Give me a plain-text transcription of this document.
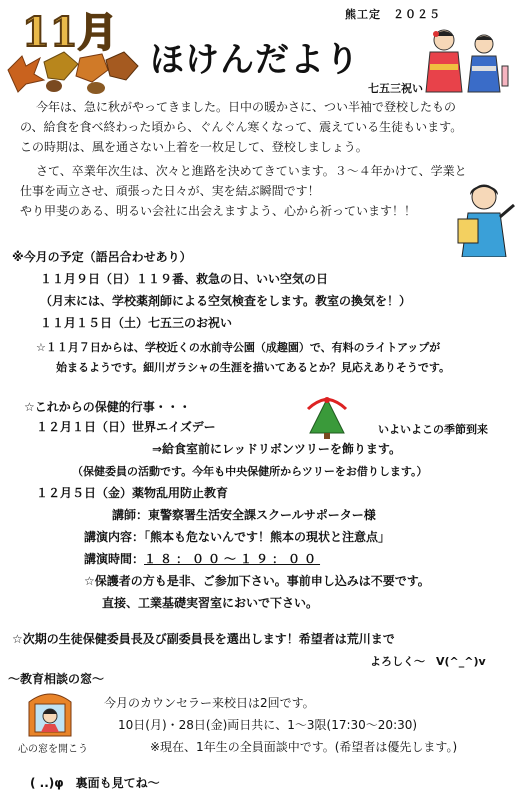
熊工定　２０２５
11月
ほけんだより
七五三祝い
今年は、急に秋がやってきました。日中の暖かさに、つい半袖で登校したもの
の、給食を食べ終わった頃から、ぐんぐん寒くなって、震えている生徒もいます。
この時期は、風を通さない上着を一枚足して、登校しましょう。
さて、卒業年次生は、次々と進路を決めてきています。３～４年かけて、学業と
仕事を両立させ、頑張った日々が、実を結ぶ瞬間です！
やり甲斐のある、明るい会社に出会えますよう、心から祈っています！！
※今月の予定（語呂合わせあり）
１１月９日（日）１１９番、救急の日、いい空気の日
（月末には、学校薬剤師による空気検査をします。教室の換気を！）
１１月１５日（土）七五三のお祝い
☆１１月７日からは、学校近くの水前寺公園（成趣園）で、有料のライトアップが
始まるようです。細川ガラシャの生涯を描いてあるとか？見応えありそうです。
☆これからの保健的行事・・・
１２月１日（日）世界エイズデー	いよいよこの季節到来
⇒給食室前にレッドリボンツリーを飾ります。
（保健委員の活動です。今年も中央保健所からツリーをお借りします。）
１２月５日（金）薬物乱用防止教育
講師：東警察署生活安全課スクールサポーター様
講演内容：「熊本も危ないんです！熊本の現状と注意点」
講演時間：１８：００～１９：００
☆保護者の方も是非、ご参加下さい。事前申し込みは不要です。
直接、工業基礎実習室においで下さい。
☆次期の生徒保健委員長及び副委員長を選出します！希望者は荒川まで
よろしく～　V(^_^)v
～教育相談の窓～
心の窓を開こう
今月のカウンセラー来校日は2回です。
10日(月)・28日(金)両日共に、1～3限(17:30～20:30)
※現在、1年生の全員面談中です。(希望者は優先します。)
( ..)φ　裏面も見てね～
